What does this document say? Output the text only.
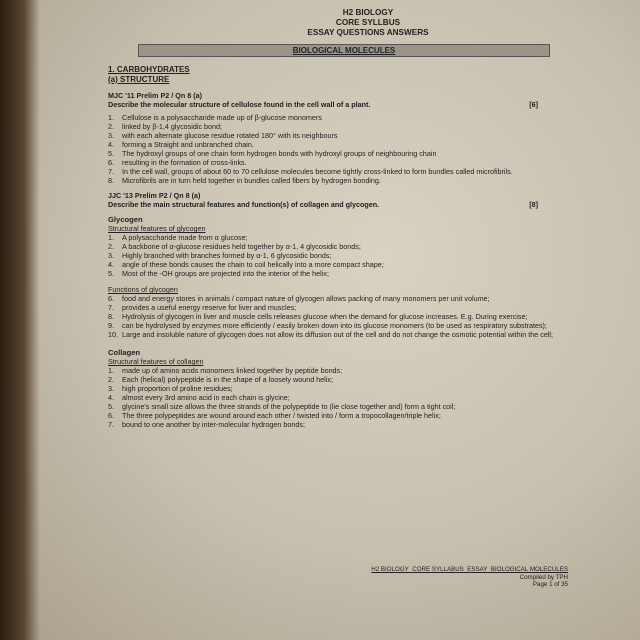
H2 BIOLOGY
CORE SYLLBUS
ESSAY QUESTIONS ANSWERS
BIOLOGICAL MOLECULES
1. CARBOHYDRATES
(a) STRUCTURE
MJC '11 Prelim P2 / Qn 8 (a)
Describe the molecular structure of cellulose found in the cell wall of a plant.	[6]
1.	Cellulose is a polysaccharide made up of β-glucose monomers
2.	linked by β-1,4 glycosidic bond;
3.	with each alternate glucose residue rotated 180° with its neighbours
4.	forming a Straight and unbranched chain.
5.	The hydroxyl groups of one chain form hydrogen bonds with hydroxyl groups of neighbouring chain
6.	resulting in the formation of cross-links.
7.	In the cell wall, groups of about 60 to 70 cellulose molecules become tightly cross-linked to form bundles called microfibrils.
8.	Microfibrils are in turn held together in bundles called fibers by hydrogen bonding.
JJC '13 Prelim P2 / Qn 8 (a)
Describe the main structural features and function(s) of collagen and glycogen.	[8]
Glycogen
Structural features of glycogen
1.	A polysaccharide made from α glucose;
2.	A backbone of α-glucose residues held together by α-1, 4 glycosidic bonds;
3.	Highly branched with branches formed by α-1, 6 glycosidic bonds;
4.	angle of these bonds causes the chain to coil helically into a more compact shape;
5.	Most of the -OH groups are projected into the interior of the helix;
Functions of glycogen
6.	food and energy stores in animals / compact nature of glycogen allows packing of many monomers per unit volume;
7.	provides a useful energy reserve for liver and muscles;
8.	Hydrolysis of glycogen in liver and muscle cells releases glucose when the demand for glucose increases. E.g. During exercise;
9.	can be hydrolysed by enzymes more efficiently / easily broken down into its glucose monomers (to be used as respiratory substrates);
10. Large and insoluble nature of glycogen does not allow its diffusion out of the cell and do not change the osmotic potential within the cell;
Collagen
Structural features of collagen
1.	made up of amino acids monomers linked together by peptide bonds;
2.	Each (helical) polypeptide is in the shape of a loosely wound helix;
3.	high proportion of proline residues;
4.	almost every 3rd amino acid in each chain is glycine;
5.	glycine's small size allows the three strands of the polypeptide to (lie close together and) form a tight coil;
6.	The three polypeptides are wound around each other / twisted into / form a tropocollagen/triple helix;
7.	bound to one another by inter-molecular hydrogen bonds;
H2 BIOLOGY_CORE SYLLABUS_ESSAY_BIOLOGICAL MOLECULES
Compiled by TPH
Page 1 of 35
